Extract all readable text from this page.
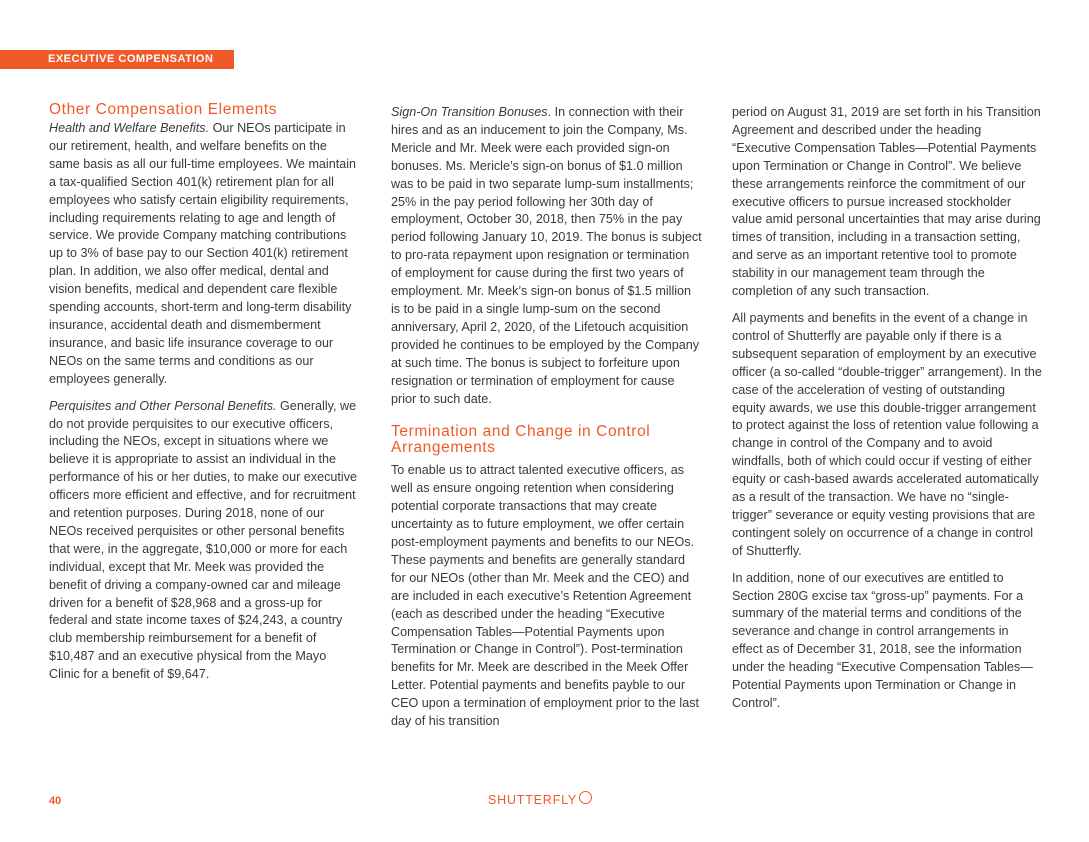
EXECUTIVE COMPENSATION
Other Compensation Elements

Health and Welfare Benefits. Our NEOs participate in our retirement, health, and welfare benefits on the same basis as all our full-time employees. We maintain a tax-qualified Section 401(k) retirement plan for all employees who satisfy certain eligibility requirements, including requirements relating to age and length of service. We provide Company matching contributions up to 3% of base pay to our Section 401(k) retirement plan. In addition, we also offer medical, dental and vision benefits, medical and dependent care flexible spending accounts, short-term and long-term disability insurance, accidental death and dismemberment insurance, and basic life insurance coverage to our NEOs on the same terms and conditions as our employees generally.

Perquisites and Other Personal Benefits. Generally, we do not provide perquisites to our executive officers, including the NEOs, except in situations where we believe it is appropriate to assist an individual in the performance of his or her duties, to make our executive officers more efficient and effective, and for recruitment and retention purposes. During 2018, none of our NEOs received perquisites or other personal benefits that were, in the aggregate, $10,000 or more for each individual, except that Mr. Meek was provided the benefit of driving a company-owned car and mileage driven for a benefit of $28,968 and a gross-up for federal and state income taxes of $24,243, a country club membership reimbursement for a benefit of $10,487 and an executive physical from the Mayo Clinic for a benefit of $9,647.

Sign-On Transition Bonuses. In connection with their hires and as an inducement to join the Company, Ms. Mericle and Mr. Meek were each provided sign-on bonuses. Ms. Mericle’s sign-on bonus of $1.0 million was to be paid in two separate lump-sum installments; 25% in the pay period following her 30th day of employment, October 30, 2018, then 75% in the pay period following January 10, 2019. The bonus is subject to pro-rata repayment upon resignation or termination of employment for cause during the first two years of employment. Mr. Meek’s sign-on bonus of $1.5 million is to be paid in a single lump-sum on the second anniversary, April 2, 2020, of the Lifetouch acquisition provided he continues to be employed by the Company at such time. The bonus is subject to forfeiture upon resignation or termination of employment for cause prior to such date.

Termination and Change in Control Arrangements

To enable us to attract talented executive officers, as well as ensure ongoing retention when considering potential corporate transactions that may create uncertainty as to future employment, we offer certain post-employment payments and benefits to our NEOs. These payments and benefits are generally standard for our NEOs (other than Mr. Meek and the CEO) and are included in each executive’s Retention Agreement (each as described under the heading “Executive Compensation Tables—Potential Payments upon Termination or Change in Control”). Post-termination benefits for Mr. Meek are described in the Meek Offer Letter. Potential payments and benefits payble to our CEO upon a termination of employment prior to the last day of his transition

period on August 31, 2019 are set forth in his Transition Agreement and described under the heading “Executive Compensation Tables—Potential Payments upon Termination or Change in Control”. We believe these arrangements reinforce the commitment of our executive officers to pursue increased stockholder value amid personal uncertainties that may arise during times of transition, including in a transaction setting, and serve as an important retentive tool to promote stability in our management team through the completion of any such transaction.

All payments and benefits in the event of a change in control of Shutterfly are payable only if there is a subsequent separation of employment by an executive officer (a so-called “double-trigger” arrangement). In the case of the acceleration of vesting of outstanding equity awards, we use this double-trigger arrangement to protect against the loss of retention value following a change in control of the Company and to avoid windfalls, both of which could occur if vesting of either equity or cash-based awards accelerated automatically as a result of the transaction. We have no “single-trigger” severance or equity vesting provisions that are contingent solely on occurrence of a change in control of Shutterfly.

In addition, none of our executives are entitled to Section 280G excise tax “gross-up” payments. For a summary of the material terms and conditions of the severance and change in control arrangements in effect as of December 31, 2018, see the information under the heading “Executive Compensation Tables—Potential Payments upon Termination or Change in Control”.

40	SHUTTERFLY
